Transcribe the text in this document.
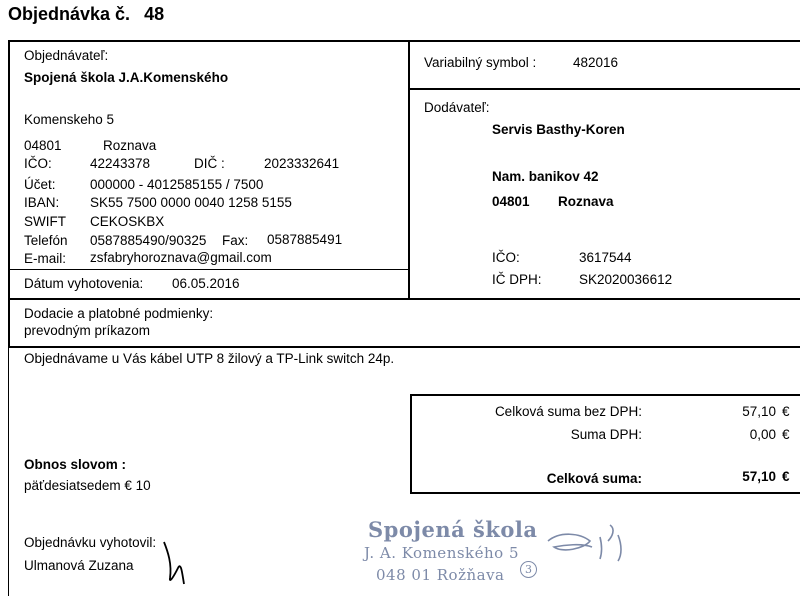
Objednávka č. 48
Objednávateľ:
Spojená škola J.A.Komenského
Komenskeho 5
04801	Roznava
IČO:	42243378	DIČ :	2023332641
Účet:	000000 - 4012585155 / 7500
IBAN: SK55 7500 0000 0040 1258 5155
SWIFT CEKOSKBX
Telefón 0587885490/90325 Fax: 0587885491
E-mail: zsfabryhoroznava@gmail.com
Dátum vyhotovenia: 06.05.2016
Variabilný symbol :	482016
Dodávateľ:
Servis Basthy-Koren
Nam. banikov 42
04801 Roznava
IČO:	3617544
IČ DPH:	SK2020036612
Dodacie a platobné podmienky:
prevodným príkazom
Objednávame u Vás kábel UTP 8 žilový a TP-Link switch 24p.
Celková suma bez DPH:	57,10 €
Suma DPH:	0,00 €
Celková suma:	57,10 €
Obnos slovom :
päťdesiatsedem € 10
Objednávku vyhotovil:
Ulmanová Zuzana
Spojená škola
J. A. Komenského 5
048 01 Rožňava	3
